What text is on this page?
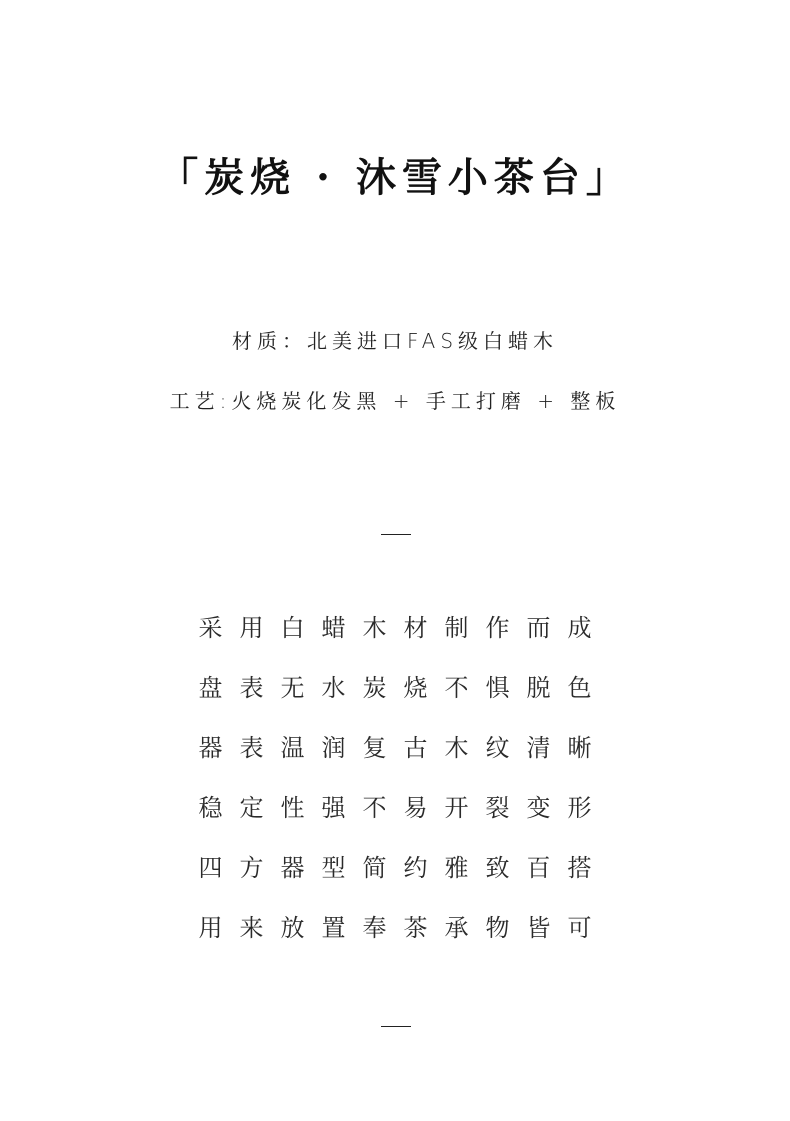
「炭烧 · 沐雪小茶台」
材质：北美进口FAS级白蜡木
工艺:火烧炭化发黑 + 手工打磨 + 整板
采用白蜡木材制作而成
盘表无水炭烧不惧脱色
器表温润复古木纹清晰
稳定性强不易开裂变形
四方器型简约雅致百搭
用来放置奉茶承物皆可
